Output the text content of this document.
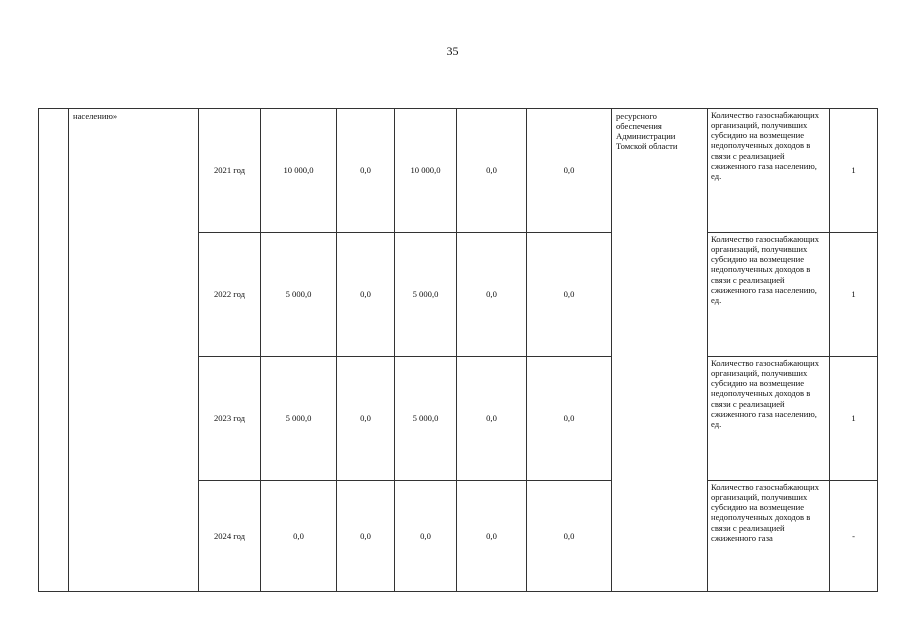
35
	населению»	2021 год	10 000,0	0,0	10 000,0	0,0	0,0	ресурсного обеспечения Администрации Томской области	Количество газоснабжающих организаций, получивших субсидию на возмещение недополученных доходов в связи с реализацией сжиженного газа населению, ед.	1
		2022 год	5 000,0	0,0	5 000,0	0,0	0,0		Количество газоснабжающих организаций, получивших субсидию на возмещение недополученных доходов в связи с реализацией сжиженного газа населению, ед.	1
		2023 год	5 000,0	0,0	5 000,0	0,0	0,0		Количество газоснабжающих организаций, получивших субсидию на возмещение недополученных доходов в связи с реализацией сжиженного газа населению, ед.	1
		2024 год	0,0	0,0	0,0	0,0	0,0		Количество газоснабжающих организаций, получивших субсидию на возмещение недополученных доходов в связи с реализацией сжиженного газа	-
